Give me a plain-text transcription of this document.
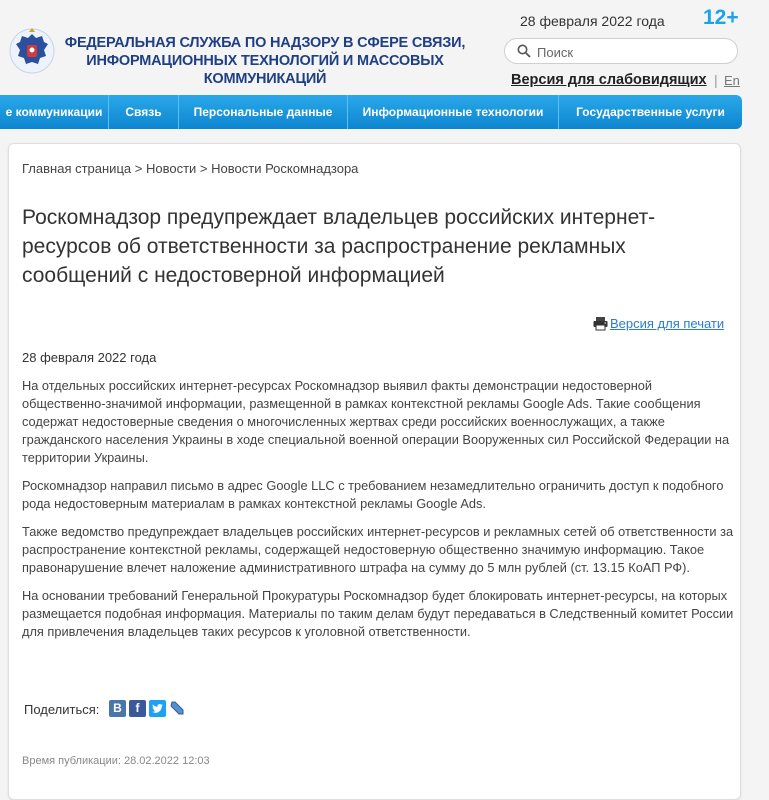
ФЕДЕРАЛЬНАЯ СЛУЖБА ПО НАДЗОРУ В СФЕРЕ СВЯЗИ,
ИНФОРМАЦИОННЫХ ТЕХНОЛОГИЙ И МАССОВЫХ КОММУНИКАЦИЙ
28 февраля 2022 года 12+
Поиск
Версия для слабовидящих | En
е коммуникации	Связь	Персональные данные	Информационные технологии	Государственные услуги
Главная страница > Новости > Новости Роскомнадзора
Роскомнадзор предупреждает владельцев российских интернет-ресурсов об ответственности за распространение рекламных сообщений с недостоверной информацией
Версия для печати
28 февраля 2022 года

На отдельных российских интернет-ресурсах Роскомнадзор выявил факты демонстрации недостоверной общественно-значимой информации, размещенной в рамках контекстной рекламы Google Ads. Такие сообщения содержат недостоверные сведения о многочисленных жертвах среди российских военнослужащих, а также гражданского населения Украины в ходе специальной военной операции Вооруженных сил Российской Федерации на территории Украины.

Роскомнадзор направил письмо в адрес Google LLC с требованием незамедлительно ограничить доступ к подобного рода недостоверным материалам в рамках контекстной рекламы Google Ads.

Также ведомство предупреждает владельцев российских интернет-ресурсов и рекламных сетей об ответственности за распространение контекстной рекламы, содержащей недостоверную общественно значимую информацию. Такое правонарушение влечет наложение административного штрафа на сумму до 5 млн рублей (ст. 13.15 КоАП РФ).

На основании требований Генеральной Прокуратуры Роскомнадзор будет блокировать интернет-ресурсы, на которых размещается подобная информация. Материалы по таким делам будут передаваться в Следственный комитет России для привлечения владельцев таких ресурсов к уголовной ответственности.

Поделиться:	В	f
Время публикации: 28.02.2022 12:03
